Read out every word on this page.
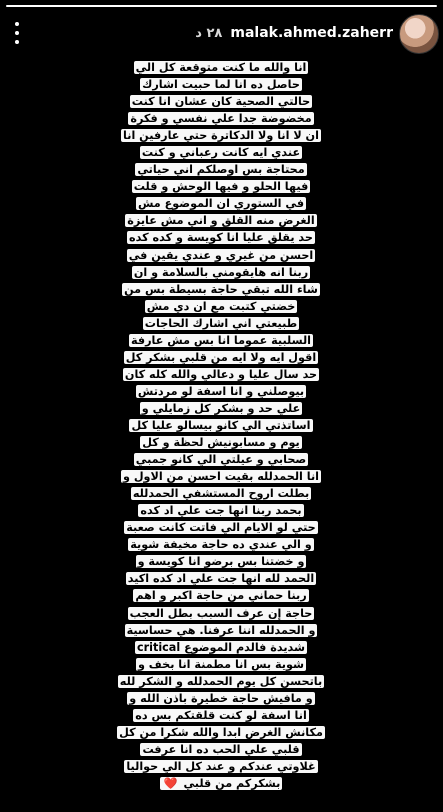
٢٨ د malak.ahmed.zaherr
انا والله ما كنت متوقعة كل الي
حاصل ده انا لما حبيت اشارك
حالتي الصحية كان عشان انا كنت
مخضوضة جدا علي نفسي و فكرة
ان لا انا ولا الدكاترة حتي عارفين انا
عندي ايه كانت رعباني و كنت
محتاجة بس اوصلكم اني حياتي
فيها الحلو و فيها الوحش و قلت
في الستوري ان الموضوع مش
الغرض منه القلق و اني مش عايزة
حد يقلق عليا انا كويسة و كده كده
احسن من غيري و عندي يقين في
ربنا انه هايقومني بالسلامة و ان
شاء الله تبقي حاجة بسيطة بس من
خضتي كتبت مع ان دي مش
طبيعتي اني اشارك الحاجات
السلبية عموما انا بس مش عارفة
اقول ايه ولا ايه من قلبي بشكر كل
حد سال عليا و دعالي والله كله كان
بيوصلني و انا اسفة لو مردتش
علي حد و بشكر كل زمايلي و
اساتذتي الي كانو بيسالو عليا كل
يوم و مسابونيش لحظة و كل
صحابي و عيلتي الي كانو جمبي
انا الحمدلله بقيت احسن من الاول و
بطلت اروح المستشفي الحمدلله
بحمد ربنا انها جت علي اد كده
حتي لو الايام الي فاتت كانت صعبة
و الي عندي ده حاجة مخيفة شوية
و خضتنا بس برضو انا كويسة و
الحمد لله انها جت علي اد كده اكيد
ربنا حماني من حاجة اكبر و اهم
حاجة إن عرف السبب بطل العجب
و الحمدلله اننا عرفنا. هي حساسية
شديدة فالدم الموضوع critical
شوية بس انا مطمنة انا بخف و
باتحسن كل يوم الحمدلله و الشكر لله
و مافيش حاجة خطيرة باذن الله و
انا اسفة لو كنت قلقتكم بس ده
مكانش الغرض ابدا والله شكرا من كل
قلبي علي الحب ده انا عرفت
غلاوتي عندكم و عند كل الي حواليا
بشكركم من قلبي ❤️
